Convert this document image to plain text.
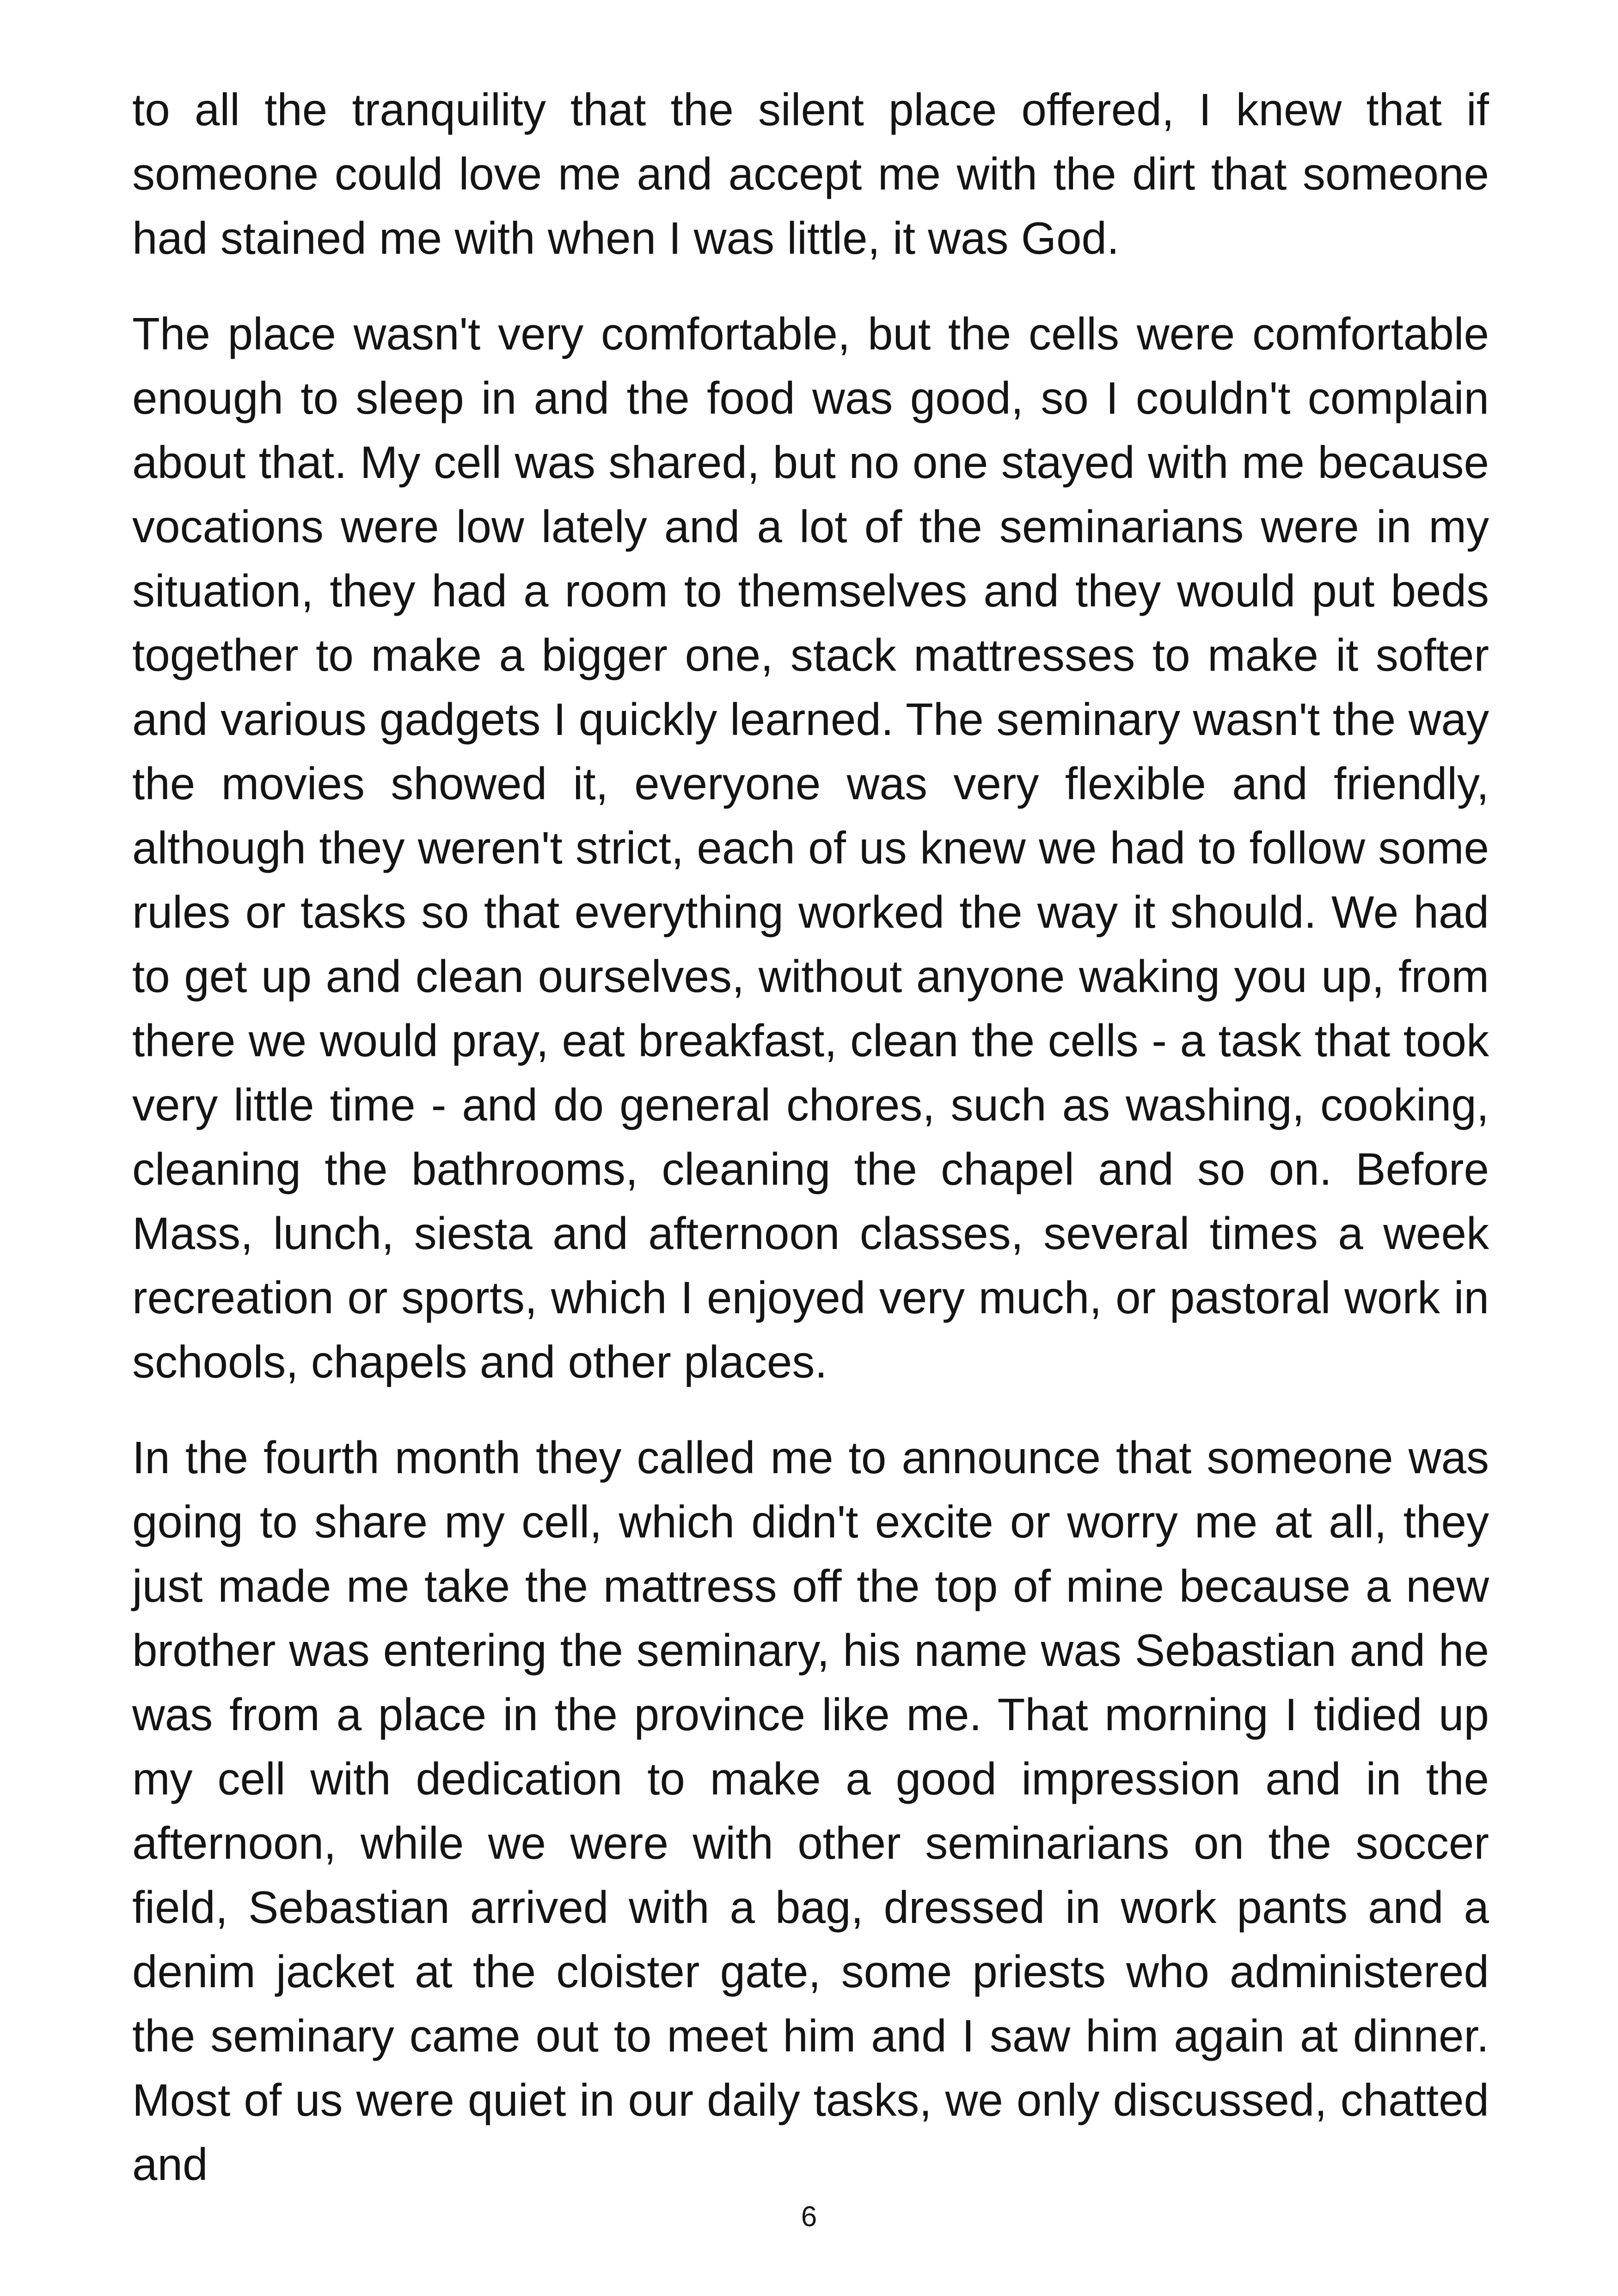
to all the tranquility that the silent place offered, I knew that if someone could love me and accept me with the dirt that someone had stained me with when I was little, it was God.

The place wasn't very comfortable, but the cells were comfortable enough to sleep in and the food was good, so I couldn't complain about that. My cell was shared, but no one stayed with me because vocations were low lately and a lot of the seminarians were in my situation, they had a room to themselves and they would put beds together to make a bigger one, stack mattresses to make it softer and various gadgets I quickly learned. The seminary wasn't the way the movies showed it, everyone was very flexible and friendly, although they weren't strict, each of us knew we had to follow some rules or tasks so that everything worked the way it should. We had to get up and clean ourselves, without anyone waking you up, from there we would pray, eat breakfast, clean the cells - a task that took very little time - and do general chores, such as washing, cooking, cleaning the bathrooms, cleaning the chapel and so on. Before Mass, lunch, siesta and afternoon classes, several times a week recreation or sports, which I enjoyed very much, or pastoral work in schools, chapels and other places.

In the fourth month they called me to announce that someone was going to share my cell, which didn't excite or worry me at all, they just made me take the mattress off the top of mine because a new brother was entering the seminary, his name was Sebastian and he was from a place in the province like me. That morning I tidied up my cell with dedication to make a good impression and in the afternoon, while we were with other seminarians on the soccer field, Sebastian arrived with a bag, dressed in work pants and a denim jacket at the cloister gate, some priests who administered the seminary came out to meet him and I saw him again at dinner. Most of us were quiet in our daily tasks, we only discussed, chatted and

6
